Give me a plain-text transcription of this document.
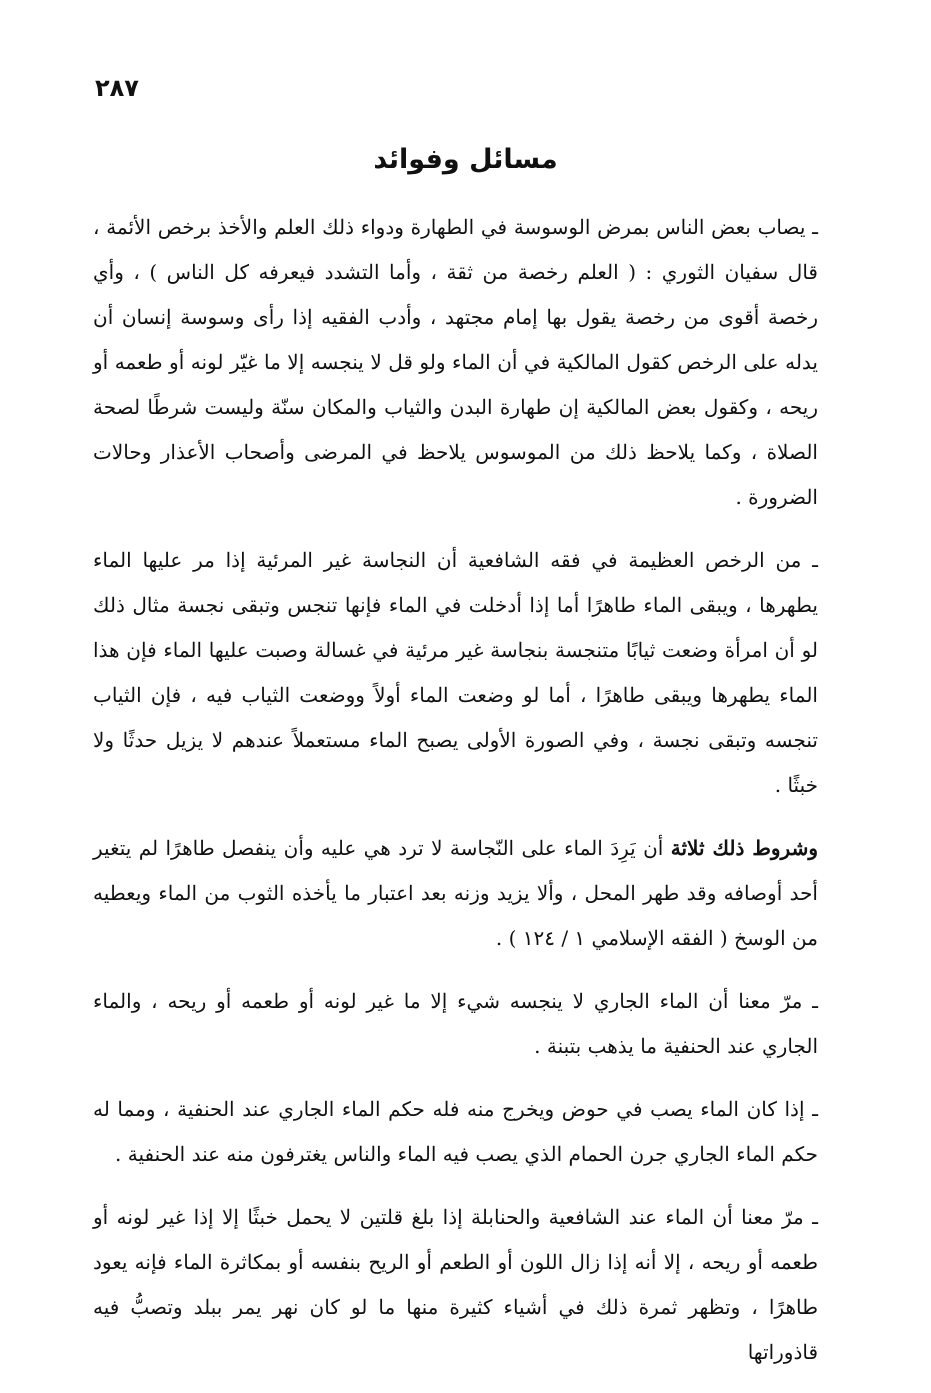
٢٨٧
مسائل وفوائد

ـ يصاب بعض الناس بمرض الوسوسة في الطهارة ودواء ذلك العلم والأخذ برخص الأئمة ، قال سفيان الثوري : ( العلم رخصة من ثقة ، وأما التشدد فيعرفه كل الناس ) ، وأي رخصة أقوى من رخصة يقول بها إمام مجتهد ، وأدب الفقيه إذا رأى وسوسة إنسان أن يدله على الرخص كقول المالكية في أن الماء ولو قل لا ينجسه إلا ما غيّر لونه أو طعمه أو ريحه ، وكقول بعض المالكية إن طهارة البدن والثياب والمكان سنّة وليست شرطًا لصحة الصلاة ، وكما يلاحظ ذلك من الموسوس يلاحظ في المرضى وأصحاب الأعذار وحالات الضرورة .

ـ من الرخص العظيمة في فقه الشافعية أن النجاسة غير المرئية إذا مر عليها الماء يطهرها ، ويبقى الماء طاهرًا أما إذا أدخلت في الماء فإنها تنجس وتبقى نجسة مثال ذلك لو أن امرأة وضعت ثيابًا متنجسة بنجاسة غير مرئية في غسالة وصبت عليها الماء فإن هذا الماء يطهرها ويبقى طاهرًا ، أما لو وضعت الماء أولاً ووضعت الثياب فيه ، فإن الثياب تنجسه وتبقى نجسة ، وفي الصورة الأولى يصبح الماء مستعملاً عندهم لا يزيل حدثًا ولا خبثًا .

وشروط ذلك ثلاثة أن يَرِدَ الماء على النّجاسة لا ترد هي عليه وأن ينفصل طاهرًا لم يتغير أحد أوصافه وقد طهر المحل ، وألا يزيد وزنه بعد اعتبار ما يأخذه الثوب من الماء ويعطيه من الوسخ ( الفقه الإسلامي ١ / ١٢٤ ) .

ـ مرّ معنا أن الماء الجاري لا ينجسه شيء إلا ما غير لونه أو طعمه أو ريحه ، والماء الجاري عند الحنفية ما يذهب بتبنة .

ـ إذا كان الماء يصب في حوض ويخرج منه فله حكم الماء الجاري عند الحنفية ، ومما له حكم الماء الجاري جرن الحمام الذي يصب فيه الماء والناس يغترفون منه عند الحنفية .

ـ مرّ معنا أن الماء عند الشافعية والحنابلة إذا بلغ قلتين لا يحمل خبثًا إلا إذا غير لونه أو طعمه أو ريحه ، إلا أنه إذا زال اللون أو الطعم أو الريح بنفسه أو بمكاثرة الماء فإنه يعود طاهرًا ، وتظهر ثمرة ذلك في أشياء كثيرة منها ما لو كان نهر يمر ببلد وتصبُّ فيه قاذوراتها
